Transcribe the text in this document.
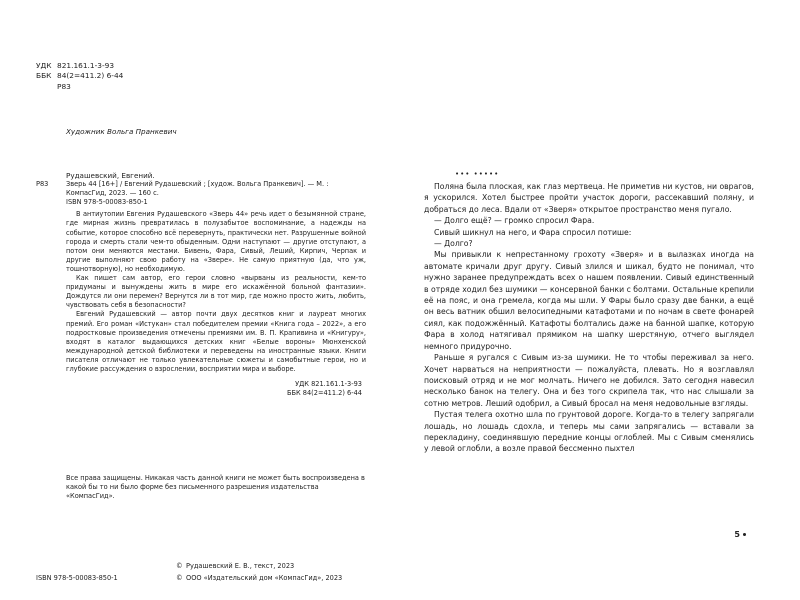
УДК 821.161.1-3-93
ББК 84(2=411.2) 6-44
Р83
Художник Вольга Пранкевич
Рудашевский, Евгений.
Р83	Зверь 44 [16+] / Евгений Рудашевский ; [худож. Вольга Пранкевич]. — М. : КомпасГид, 2023. — 160 с.
ISBN 978-5-00083-850-1

В антиутопии Евгения Рудашевского «Зверь 44» речь идет о безымянной стране, где мирная жизнь превратилась в полузабытое воспоминание, а надежды на событие, которое способно всё перевернуть, практически нет. Разрушенные войной города и смерть стали чем-то обыденным. Одни наступают — другие отступают, а потом они меняются местами. Бивень, Фара, Сивый, Леший, Кирпич, Черпак и другие выполняют свою работу на «Звере». Не самую приятную (да, что уж, тошнотворную), но необходимую.

Как пишет сам автор, его герои словно «вырваны из реальности, кем-то придуманы и вынуждены жить в мире его искажённой больной фантазии». Дождутся ли они перемен? Вернутся ли в тот мир, где можно просто жить, любить, чувствовать себя в безопасности?

Евгений Рудашевский — автор почти двух десятков книг и лауреат многих премий. Его роман «Истукан» стал победителем премии «Книга года – 2022», а его подростковые произведения отмечены премиями им. В. П. Крапивина и «Книгуру», входят в каталог выдающихся детских книг «Белые вороны» Мюнхенской международной детской библиотеки и переведены на иностранные языки. Книги писателя отличают не только увлекательные сюжеты и самобытные герои, но и глубокие рассуждения о взрослении, восприятии мира и выборе.

УДК 821.161.1-3-93
ББК 84(2=411.2) 6-44
Все права защищены. Никакая часть данной книги не может быть воспроизведена в какой бы то ни было форме без письменного разрешения издательства «КомпасГид».
© Рудашевский Е. В., текст, 2023
ISBN 978-5-00083-850-1	© ООО «Издательский дом «КомпасГид», 2023
••• •••••

Поляна была плоская, как глаз мертвеца. Не приметив ни кустов, ни оврагов, я ускорился. Хотел быстрее пройти участок дороги, рассекавший поляну, и добраться до леса. Вдали от «Зверя» открытое пространство меня пугало.

— Долго ещё? — громко спросил Фара.

Сивый шикнул на него, и Фара спросил потише:

— Долго?

Мы привыкли к непрестанному грохоту «Зверя» и в вылазках иногда на автомате кричали друг другу. Сивый злился и шикал, будто не понимал, что нужно заранее предупреждать всех о нашем появлении. Сивый единственный в отряде ходил без шумики — консервной банки с болтами. Остальные крепили её на пояс, и она гремела, когда мы шли. У Фары было сразу две банки, а ещё он весь ватник обшил велосипедными катафотами и по ночам в свете фонарей сиял, как подожжённый. Катафоты болтались даже на банной шапке, которую Фара в холод натягивал прямиком на шапку шерстяную, отчего выглядел немного придурочно.

Раньше я ругался с Сивым из-за шумики. Не то чтобы переживал за него. Хочет нарваться на неприятности — пожалуйста, плевать. Но я возглавлял поисковый отряд и не мог молчать. Ничего не добился. Зато сегодня навесил несколько банок на телегу. Она и без того скрипела так, что нас слышали за сотню метров. Леший одобрил, а Сивый бросал на меня недовольные взгляды.

Пустая телега охотно шла по грунтовой дороге. Когда-то в телегу запрягали лошадь, но лошадь сдохла, и теперь мы сами запрягались — вставали за перекладину, соединявшую передние концы оглоблей. Мы с Сивым сменялись у левой оглобли, а возле правой бессменно пыхтел

5
